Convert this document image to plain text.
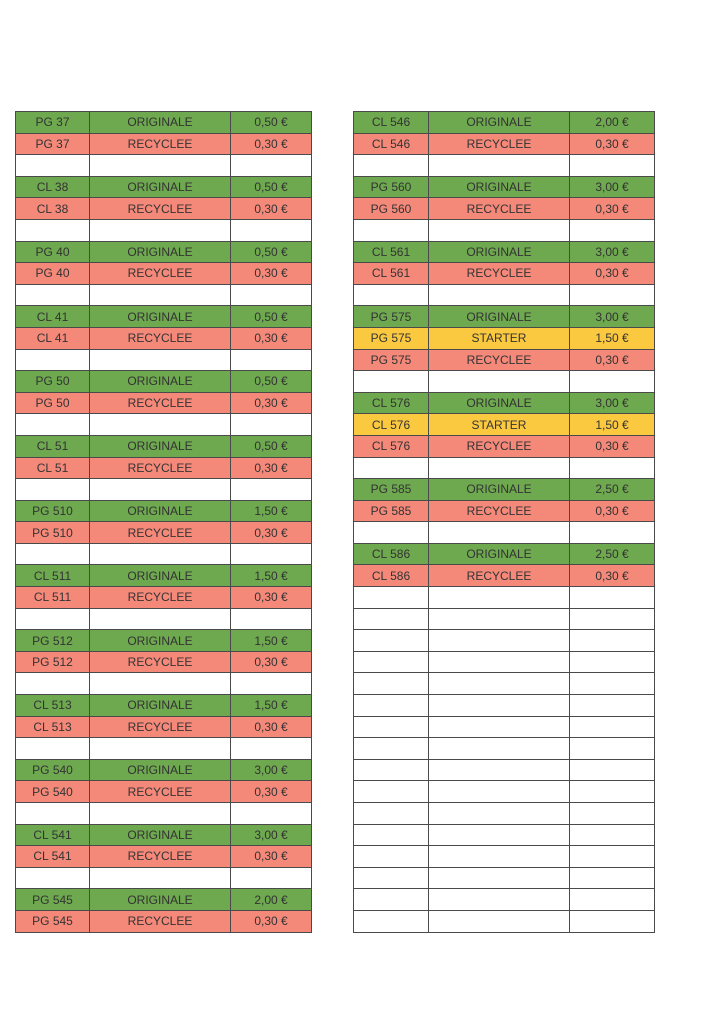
PG 37	ORIGINALE	0,50 €
PG 37	RECYCLEE	0,30 €

CL 38	ORIGINALE	0,50 €
CL 38	RECYCLEE	0,30 €

PG 40	ORIGINALE	0,50 €
PG 40	RECYCLEE	0,30 €

CL 41	ORIGINALE	0,50 €
CL 41	RECYCLEE	0,30 €

PG 50	ORIGINALE	0,50 €
PG 50	RECYCLEE	0,30 €

CL 51	ORIGINALE	0,50 €
CL 51	RECYCLEE	0,30 €

PG 510	ORIGINALE	1,50 €
PG 510	RECYCLEE	0,30 €

CL 511	ORIGINALE	1,50 €
CL 511	RECYCLEE	0,30 €

PG 512	ORIGINALE	1,50 €
PG 512	RECYCLEE	0,30 €

CL 513	ORIGINALE	1,50 €
CL 513	RECYCLEE	0,30 €

PG 540	ORIGINALE	3,00 €
PG 540	RECYCLEE	0,30 €

CL 541	ORIGINALE	3,00 €
CL 541	RECYCLEE	0,30 €

PG 545	ORIGINALE	2,00 €
PG 545	RECYCLEE	0,30 €
CL 546	ORIGINALE	2,00 €
CL 546	RECYCLEE	0,30 €

PG 560	ORIGINALE	3,00 €
PG 560	RECYCLEE	0,30 €

CL 561	ORIGINALE	3,00 €
CL 561	RECYCLEE	0,30 €

PG 575	ORIGINALE	3,00 €
PG 575	STARTER	1,50 €
PG 575	RECYCLEE	0,30 €

CL 576	ORIGINALE	3,00 €
CL 576	STARTER	1,50 €
CL 576	RECYCLEE	0,30 €

PG 585	ORIGINALE	2,50 €
PG 585	RECYCLEE	0,30 €

CL 586	ORIGINALE	2,50 €
CL 586	RECYCLEE	0,30 €
